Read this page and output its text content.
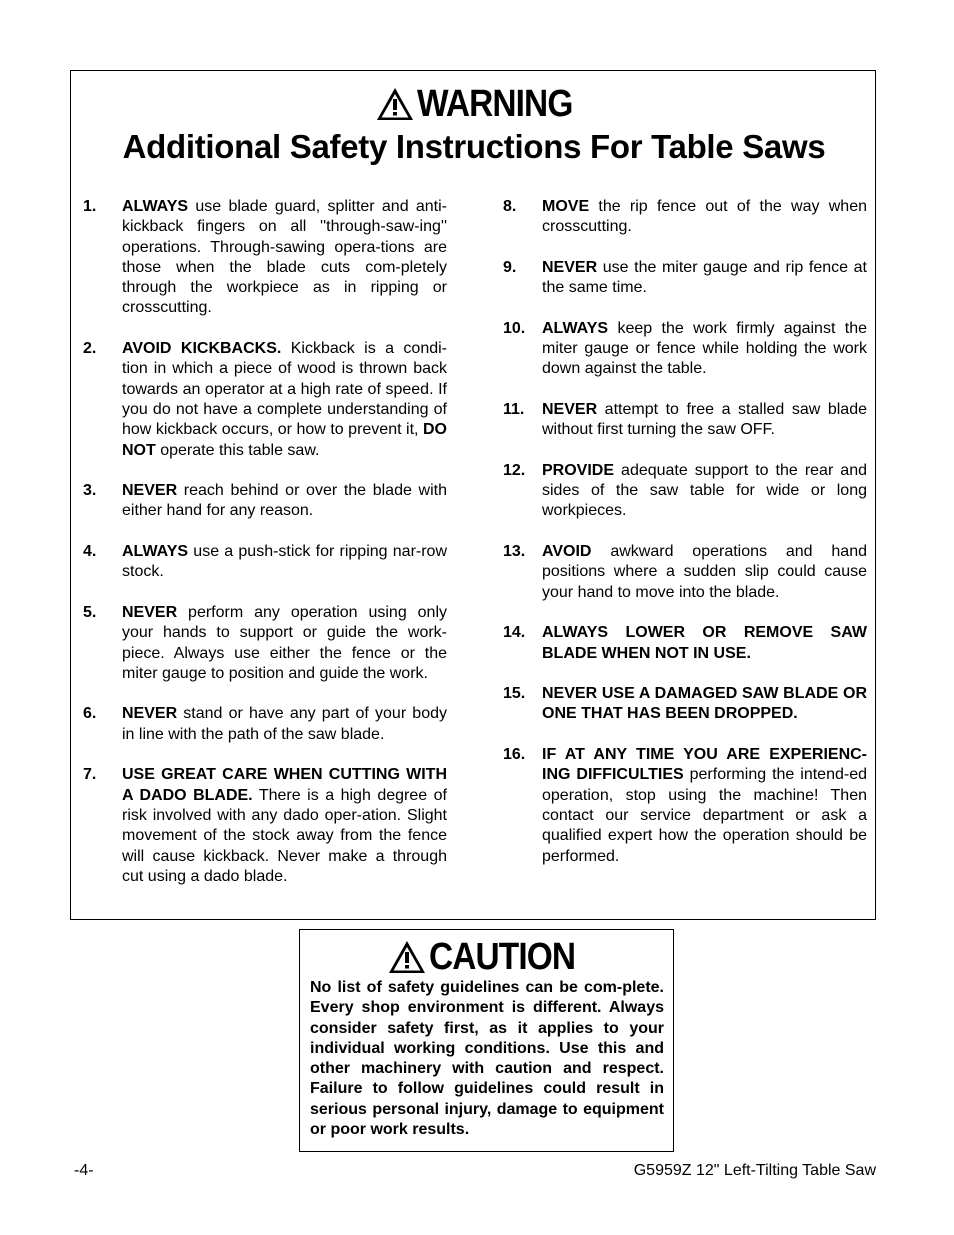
WARNING
Additional Safety Instructions For Table Saws
1. ALWAYS use blade guard, splitter and anti-kickback fingers on all ''through-saw-ing'' operations. Through-sawing opera-tions are those when the blade cuts com-pletely through the workpiece as in ripping or crosscutting.
2. AVOID KICKBACKS. Kickback is a condi-tion in which a piece of wood is thrown back towards an operator at a high rate of speed. If you do not have a complete understanding of how kickback occurs, or how to prevent it, DO NOT operate this table saw.
3. NEVER reach behind or over the blade with either hand for any reason.
4. ALWAYS use a push-stick for ripping nar-row stock.
5. NEVER perform any operation using only your hands to support or guide the work-piece. Always use either the fence or the miter gauge to position and guide the work.
6. NEVER stand or have any part of your body in line with the path of the saw blade.
7. USE GREAT CARE WHEN CUTTING WITH A DADO BLADE. There is a high degree of risk involved with any dado oper-ation. Slight movement of the stock away from the fence will cause kickback. Never make a through cut using a dado blade.
8. MOVE the rip fence out of the way when crosscutting.
9. NEVER use the miter gauge and rip fence at the same time.
10. ALWAYS keep the work firmly against the miter gauge or fence while holding the work down against the table.
11. NEVER attempt to free a stalled saw blade without first turning the saw OFF.
12. PROVIDE adequate support to the rear and sides of the saw table for wide or long workpieces.
13. AVOID awkward operations and hand positions where a sudden slip could cause your hand to move into the blade.
14. ALWAYS LOWER OR REMOVE SAW BLADE WHEN NOT IN USE.
15. NEVER USE A DAMAGED SAW BLADE OR ONE THAT HAS BEEN DROPPED.
16. IF AT ANY TIME YOU ARE EXPERIENC-ING DIFFICULTIES performing the intend-ed operation, stop using the machine! Then contact our service department or ask a qualified expert how the operation should be performed.
CAUTION
No list of safety guidelines can be com-plete. Every shop environment is different. Always consider safety first, as it applies to your individual working conditions. Use this and other machinery with caution and respect. Failure to follow guidelines could result in serious personal injury, damage to equipment or poor work results.
-4-	G5959Z 12" Left-Tilting Table Saw
